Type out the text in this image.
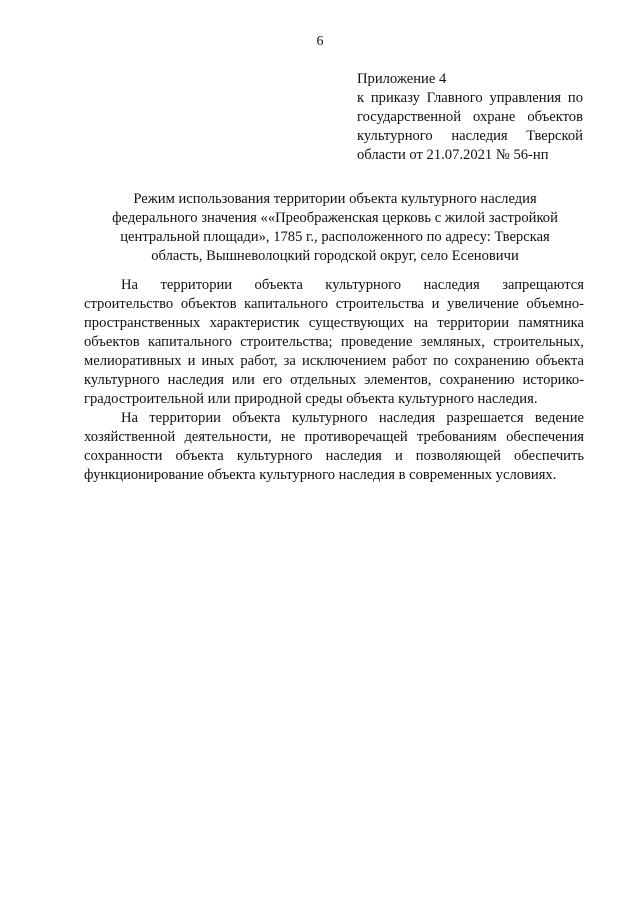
6
Приложение 4
к приказу Главного управления по
государственной охране объектов
культурного наследия Тверской
области от 21.07.2021 № 56-нп
Режим использования территории объекта культурного наследия
федерального значения ««Преображенская церковь с жилой застройкой
центральной площади», 1785 г., расположенного по адресу: Тверская
область, Вышневолоцкий городской округ, село Есеновичи
На территории объекта культурного наследия запрещаются
строительство объектов капитального строительства и увеличение объемно-
пространственных характеристик существующих на территории памятника
объектов капитального строительства; проведение земляных, строительных,
мелиоративных и иных работ, за исключением работ по сохранению объекта
культурного наследия или его отдельных элементов, сохранению историко-
градостроительной или природной среды объекта культурного наследия.
На территории объекта культурного наследия разрешается ведение
хозяйственной деятельности, не противоречащей требованиям обеспечения
сохранности объекта культурного наследия и позволяющей обеспечить
функционирование объекта культурного наследия в современных условиях.
